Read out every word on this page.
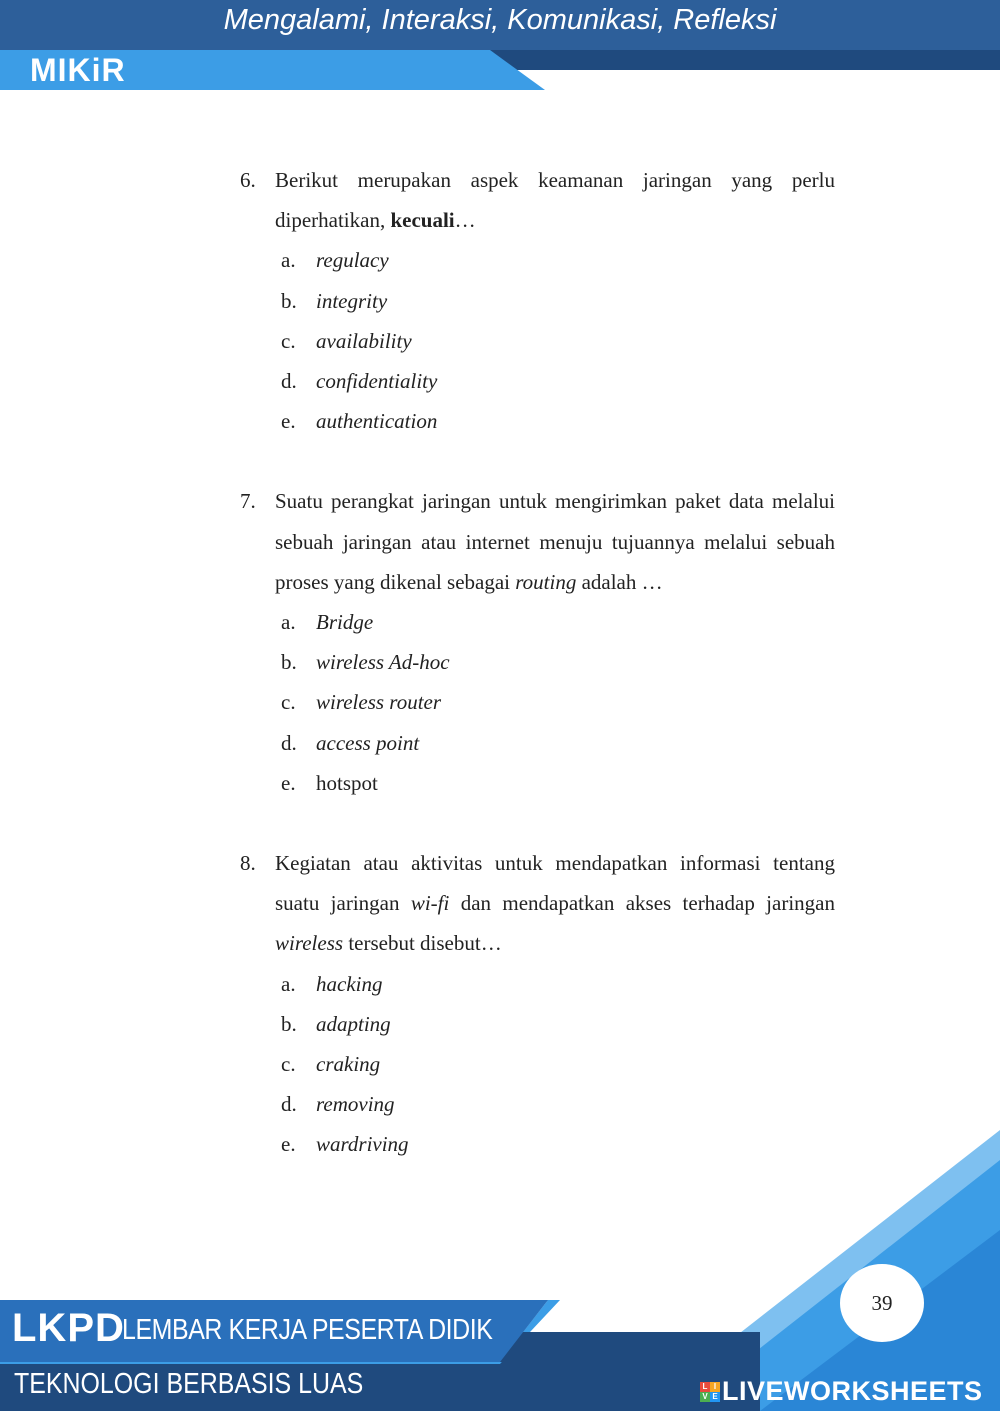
Mengalami, Interaksi, Komunikasi, Refleksi
MIKiR
6. Berikut merupakan aspek keamanan jaringan yang perlu diperhatikan, kecuali…
a. regulacy
b. integrity
c. availability
d. confidentiality
e. authentication
7. Suatu perangkat jaringan untuk mengirimkan paket data melalui sebuah jaringan atau internet menuju tujuannya melalui sebuah proses yang dikenal sebagai routing adalah …
a. Bridge
b. wireless Ad-hoc
c. wireless router
d. access point
e. hotspot
8. Kegiatan atau aktivitas untuk mendapatkan informasi tentang suatu jaringan wi-fi dan mendapatkan akses terhadap jaringan wireless tersebut disebut…
a. hacking
b. adapting
c. craking
d. removing
e. wardriving
39
LKPD
LEMBAR KERJA PESERTA DIDIK
TEKNOLOGI BERBASIS LUAS	L I
V E LIVEWORKSHEETS
